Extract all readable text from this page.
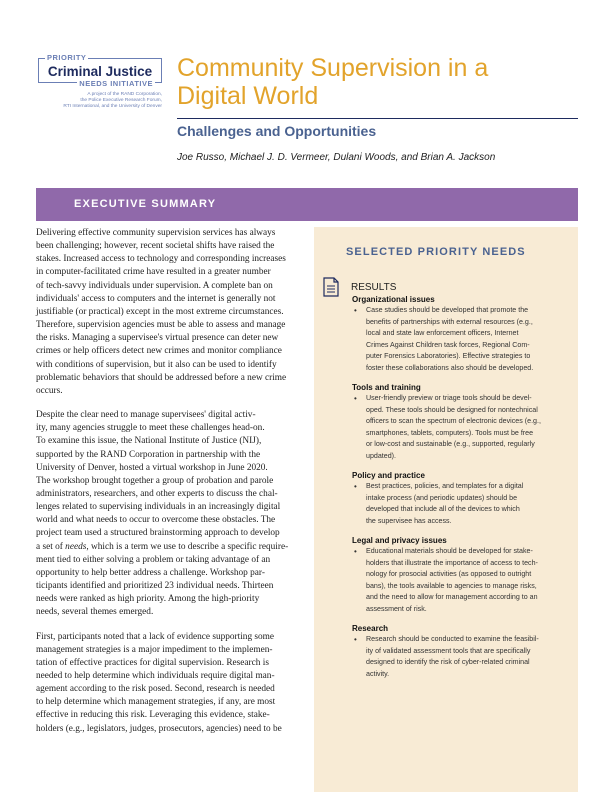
PRIORITY
Criminal Justice
NEEDS INITIATIVE
A project of the RAND Corporation,
the Police Executive Research Forum,
RTI International, and the University of Denver
Community Supervision in a
Digital World
Challenges and Opportunities
Joe Russo, Michael J. D. Vermeer, Dulani Woods, and Brian A. Jackson
EXECUTIVE SUMMARY

Delivering effective community supervision services has always
been challenging; however, recent societal shifts have raised the
stakes. Increased access to technology and corresponding increases
in computer-facilitated crime have resulted in a greater number
of tech-savvy individuals under supervision. A complete ban on
individuals' access to computers and the internet is generally not
justifiable (or practical) except in the most extreme circumstances.
Therefore, supervision agencies must be able to assess and manage
the risks. Managing a supervisee's virtual presence can deter new
crimes or help officers detect new crimes and monitor compliance
with conditions of supervision, but it also can be used to identify
problematic behaviors that should be addressed before a new crime
occurs.

Despite the clear need to manage supervisees' digital activ-
ity, many agencies struggle to meet these challenges head-on.
To examine this issue, the National Institute of Justice (NIJ),
supported by the RAND Corporation in partnership with the
University of Denver, hosted a virtual workshop in June 2020.
The workshop brought together a group of probation and parole
administrators, researchers, and other experts to discuss the chal-
lenges related to supervising individuals in an increasingly digital
world and what needs to occur to overcome these obstacles. The
project team used a structured brainstorming approach to develop
a set of needs, which is a term we use to describe a specific require-
ment tied to either solving a problem or taking advantage of an
opportunity to help better address a challenge. Workshop par-
ticipants identified and prioritized 23 individual needs. Thirteen
needs were ranked as high priority. Among the high-priority
needs, several themes emerged.

First, participants noted that a lack of evidence supporting some
management strategies is a major impediment to the implemen-
tation of effective practices for digital supervision. Research is
needed to help determine which individuals require digital man-
agement according to the risk posed. Second, research is needed
to help determine which management strategies, if any, are most
effective in reducing this risk. Leveraging this evidence, stake-
holders (e.g., legislators, judges, prosecutors, agencies) need to be

SELECTED PRIORITY NEEDS
RESULTS
Organizational issues
• Case studies should be developed that promote the
benefits of partnerships with external resources (e.g.,
local and state law enforcement officers, Internet
Crimes Against Children task forces, Regional Com-
puter Forensics Laboratories). Effective strategies to
foster these collaborations also should be developed.

Tools and training
• User-friendly preview or triage tools should be devel-
oped. These tools should be designed for nontechnical
officers to scan the spectrum of electronic devices (e.g.,
smartphones, tablets, computers). Tools must be free
or low-cost and sustainable (e.g., supported, regularly
updated).

Policy and practice
• Best practices, policies, and templates for a digital
intake process (and periodic updates) should be
developed that include all of the devices to which
the supervisee has access.

Legal and privacy issues
• Educational materials should be developed for stake-
holders that illustrate the importance of access to tech-
nology for prosocial activities (as opposed to outright
bans), the tools available to agencies to manage risks,
and the need to allow for management according to an
assessment of risk.

Research
• Research should be conducted to examine the feasibil-
ity of validated assessment tools that are specifically
designed to identify the risk of cyber-related criminal
activity.
